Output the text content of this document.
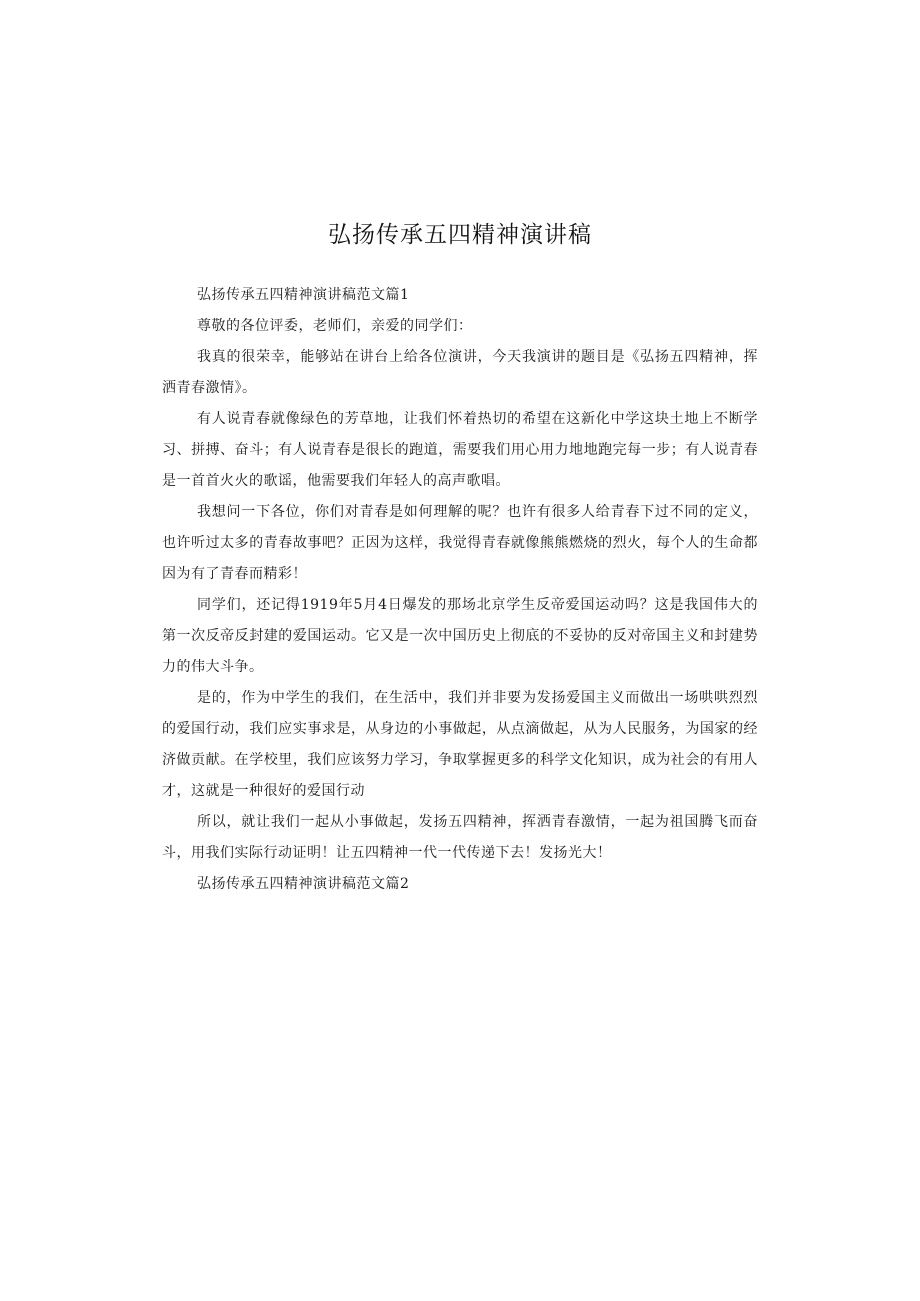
弘扬传承五四精神演讲稿

弘扬传承五四精神演讲稿范文篇1

尊敬的各位评委，老师们，亲爱的同学们：

我真的很荣幸，能够站在讲台上给各位演讲，今天我演讲的题目是《弘扬五四精神，挥洒青春激情》。

有人说青春就像绿色的芳草地，让我们怀着热切的希望在这新化中学这块土地上不断学习、拼搏、奋斗；有人说青春是很长的跑道，需要我们用心用力地地跑完每一步；有人说青春是一首首火火的歌谣，他需要我们年轻人的高声歌唱。

我想问一下各位，你们对青春是如何理解的呢？也许有很多人给青春下过不同的定义，也许听过太多的青春故事吧？正因为这样，我觉得青春就像熊熊燃烧的烈火，每个人的生命都因为有了青春而精彩！

同学们，还记得1919年5月4日爆发的那场北京学生反帝爱国运动吗？这是我国伟大的第一次反帝反封建的爱国运动。它又是一次中国历史上彻底的不妥协的反对帝国主义和封建势力的伟大斗争。

是的，作为中学生的我们，在生活中，我们并非要为发扬爱国主义而做出一场哄哄烈烈的爱国行动，我们应实事求是，从身边的小事做起，从点滴做起，从为人民服务，为国家的经济做贡献。在学校里，我们应该努力学习，争取掌握更多的科学文化知识，成为社会的有用人才，这就是一种很好的爱国行动

所以，就让我们一起从小事做起，发扬五四精神，挥洒青春激情，一起为祖国腾飞而奋斗，用我们实际行动证明！让五四精神一代一代传递下去！发扬光大！

弘扬传承五四精神演讲稿范文篇2
